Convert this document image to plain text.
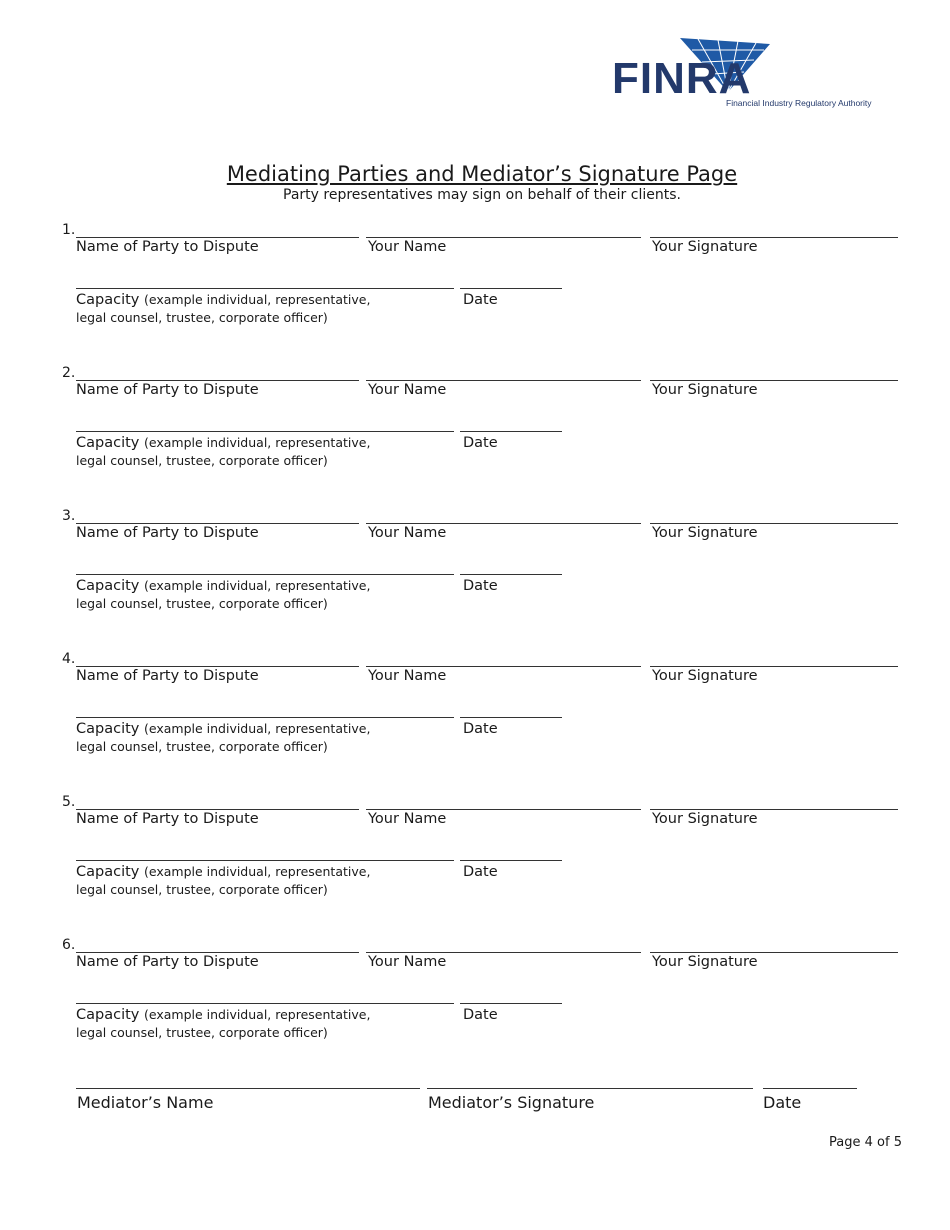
FINRA
Financial Industry Regulatory Authority
Mediating Parties and Mediator’s Signature Page
Party representatives may sign on behalf of their clients.
1.
Name of Party to Dispute	Your Name	Your Signature
Capacity (example individual, representative,
legal counsel, trustee, corporate officer)
Date
2.
Name of Party to Dispute	Your Name	Your Signature
Capacity (example individual, representative,
legal counsel, trustee, corporate officer)
Date
3.
Name of Party to Dispute	Your Name	Your Signature
Capacity (example individual, representative,
legal counsel, trustee, corporate officer)
Date
4.
Name of Party to Dispute	Your Name	Your Signature
Capacity (example individual, representative,
legal counsel, trustee, corporate officer)
Date
5.
Name of Party to Dispute	Your Name	Your Signature
Capacity (example individual, representative,
legal counsel, trustee, corporate officer)
Date
6.
Name of Party to Dispute	Your Name	Your Signature
Capacity (example individual, representative,
legal counsel, trustee, corporate officer)
Date
Mediator’s Name	Mediator’s Signature	Date
Page 4 of 5
